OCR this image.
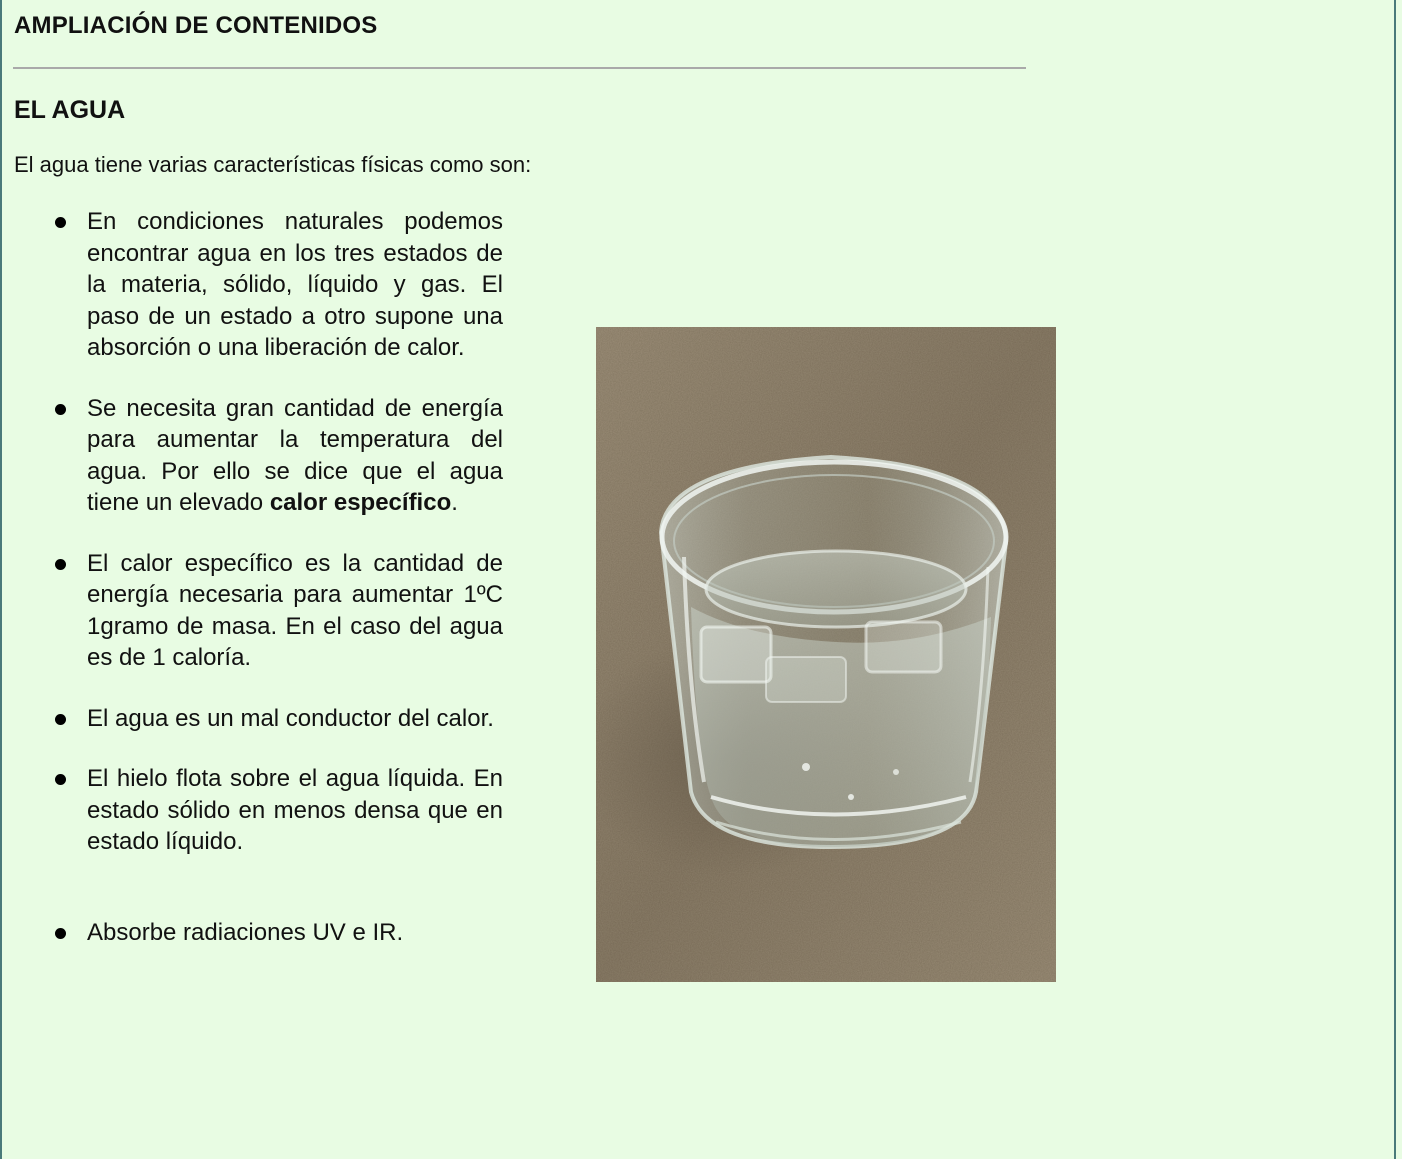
AMPLIACIÓN DE CONTENIDOS
EL AGUA

El agua tiene varias características físicas como son:

En condiciones naturales podemos encontrar agua en los tres estados de la materia, sólido, líquido y gas. El paso de un estado a otro supone una absorción o una liberación de calor.
Se necesita gran cantidad de energía para aumentar la temperatura del agua. Por ello se dice que el agua tiene un elevado calor específico.
El calor específico es la cantidad de energía necesaria para aumentar 1ºC 1gramo de masa. En el caso del agua es de 1 caloría.
El agua es un mal conductor del calor.
El hielo flota sobre el agua líquida. En estado sólido en menos densa que en estado líquido.
Absorbe radiaciones UV e IR.
